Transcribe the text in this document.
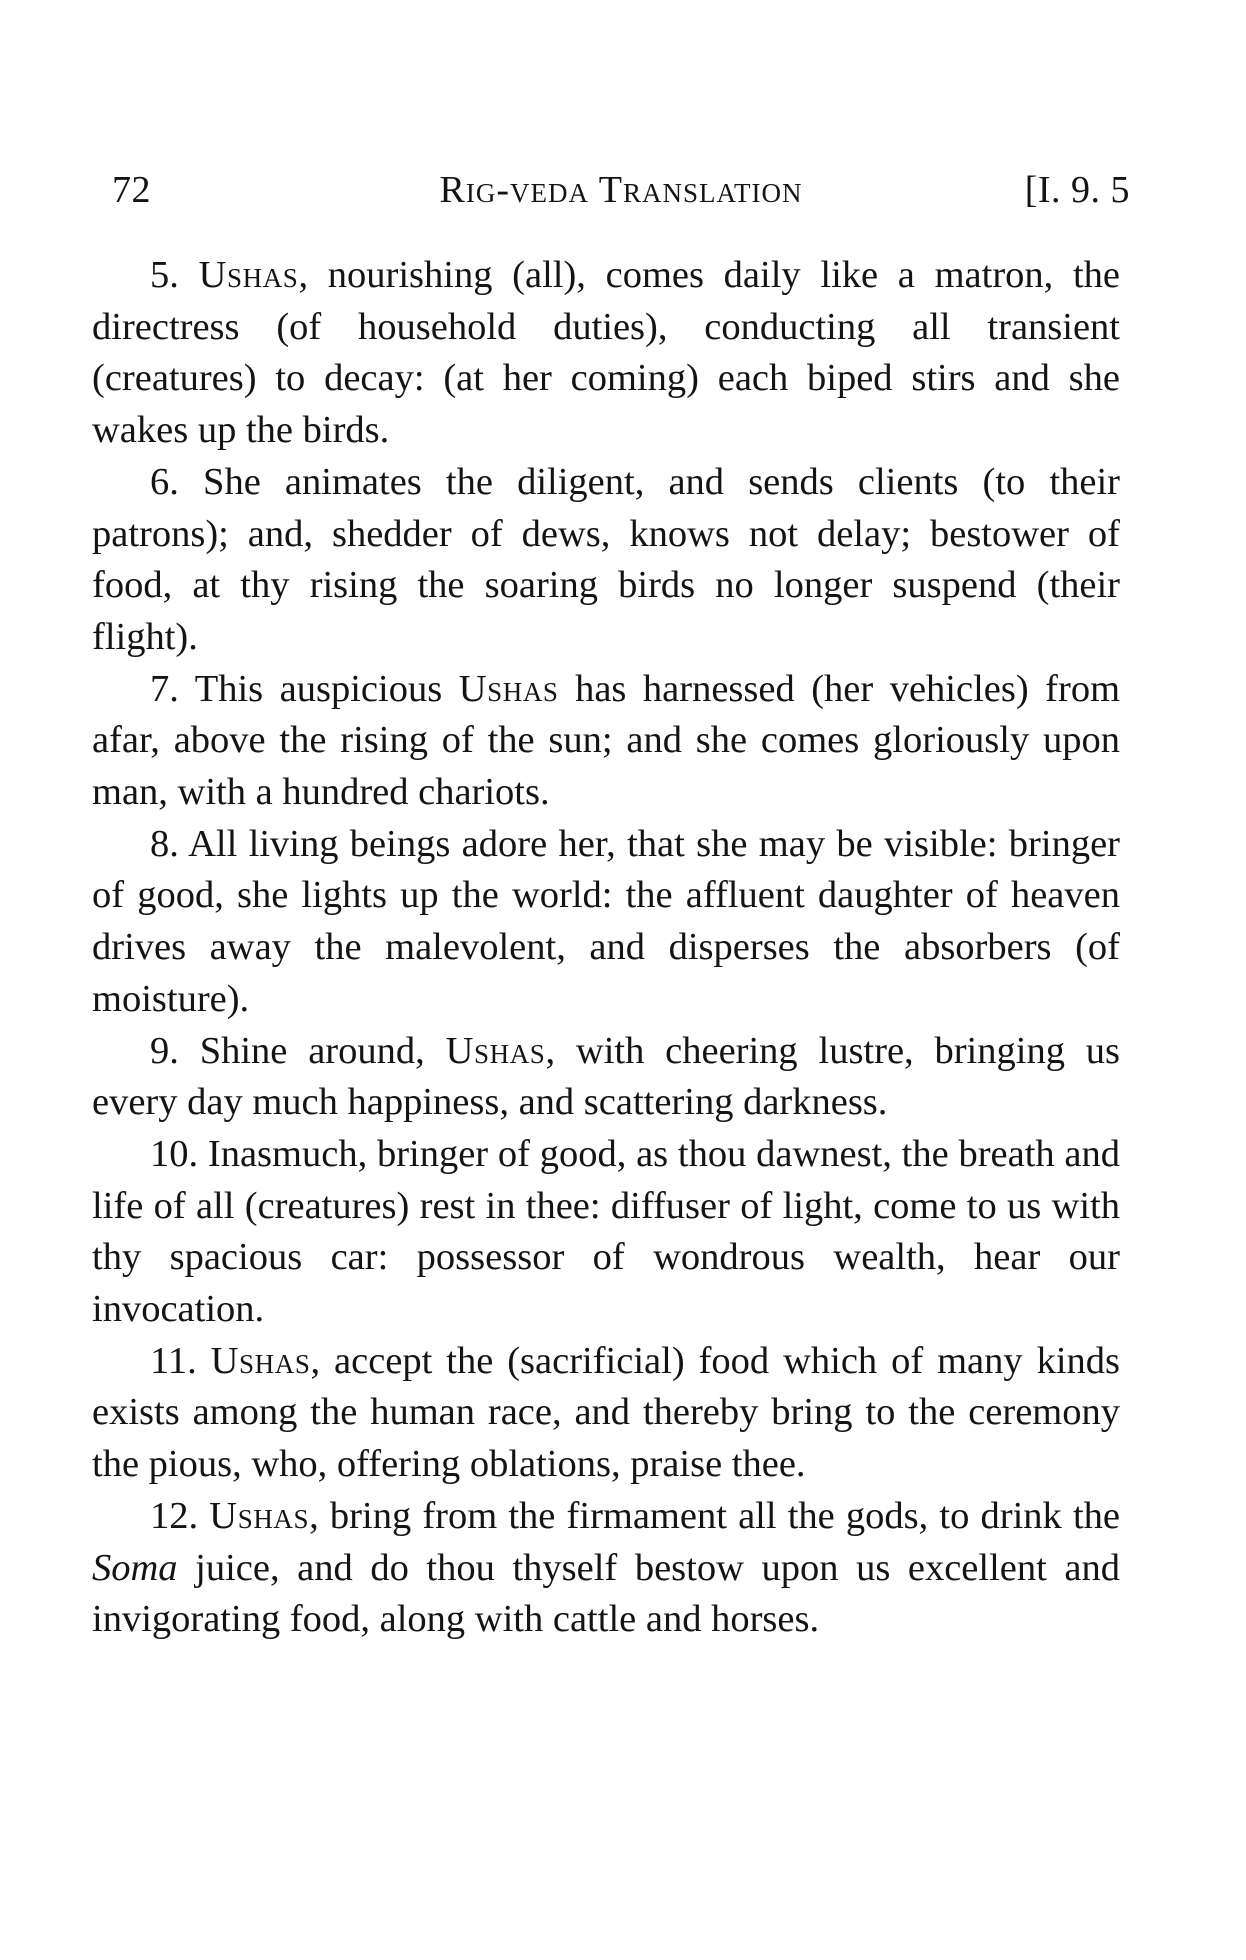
72	Rig-veda Translation	[I. 9. 5

5. Ushas, nourishing (all), comes daily like a matron, the directress (of household duties), conducting all transient (creatures) to decay: (at her coming) each biped stirs and she wakes up the birds.

6. She animates the diligent, and sends clients (to their patrons); and, shedder of dews, knows not delay; bestower of food, at thy rising the soaring birds no longer suspend (their flight).

7. This auspicious Ushas has harnessed (her vehicles) from afar, above the rising of the sun; and she comes gloriously upon man, with a hundred chariots.

8. All living beings adore her, that she may be visible: bringer of good, she lights up the world: the affluent daughter of heaven drives away the malevolent, and disperses the absorbers (of moisture).

9. Shine around, Ushas, with cheering lustre, bringing us every day much happiness, and scattering darkness.

10. Inasmuch, bringer of good, as thou dawnest, the breath and life of all (creatures) rest in thee: diffuser of light, come to us with thy spacious car: possessor of wondrous wealth, hear our invocation.

11. Ushas, accept the (sacrificial) food which of many kinds exists among the human race, and thereby bring to the ceremony the pious, who, offering oblations, praise thee.

12. Ushas, bring from the firmament all the gods, to drink the Soma juice, and do thou thyself bestow upon us excellent and invigorating food, along with cattle and horses.
